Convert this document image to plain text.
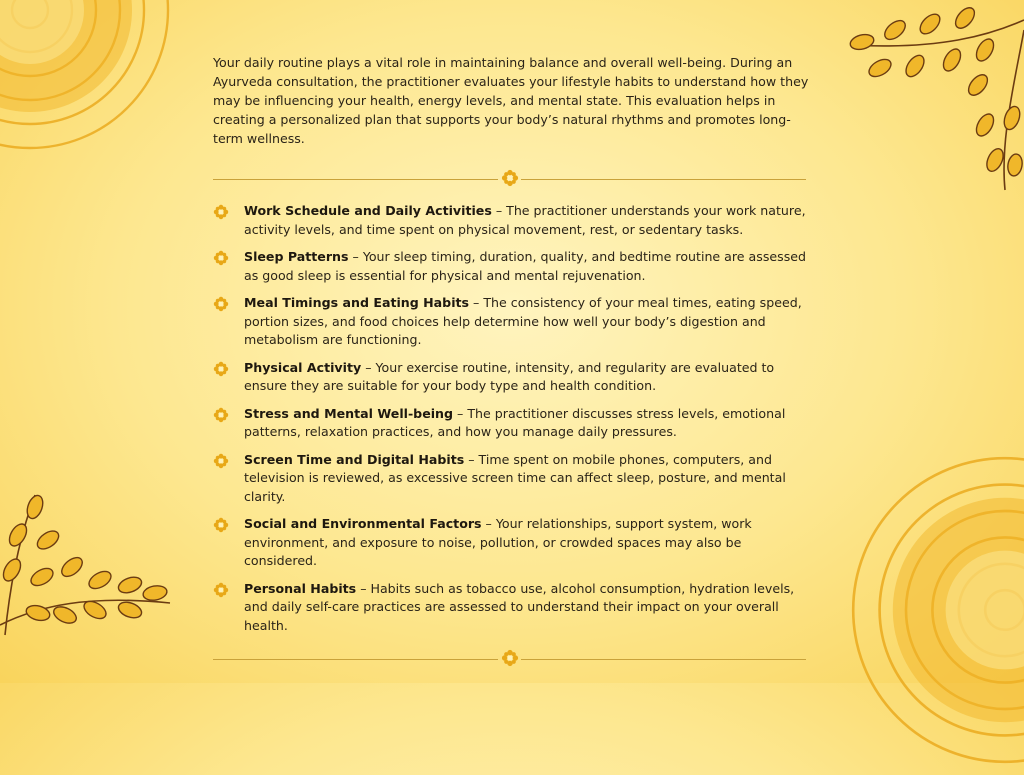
Your daily routine plays a vital role in maintaining balance and overall well-being. During an Ayurveda consultation, the practitioner evaluates your lifestyle habits to understand how they may be influencing your health, energy levels, and mental state. This evaluation helps in creating a personalized plan that supports your body’s natural rhythms and promotes long-term wellness.
Work Schedule and Daily Activities – The practitioner understands your work nature, activity levels, and time spent on physical movement, rest, or sedentary tasks.
Sleep Patterns – Your sleep timing, duration, quality, and bedtime routine are assessed as good sleep is essential for physical and mental rejuvenation.
Meal Timings and Eating Habits – The consistency of your meal times, eating speed, portion sizes, and food choices help determine how well your body’s digestion and metabolism are functioning.
Physical Activity – Your exercise routine, intensity, and regularity are evaluated to ensure they are suitable for your body type and health condition.
Stress and Mental Well-being – The practitioner discusses stress levels, emotional patterns, relaxation practices, and how you manage daily pressures.
Screen Time and Digital Habits – Time spent on mobile phones, computers, and television is reviewed, as excessive screen time can affect sleep, posture, and mental clarity.
Social and Environmental Factors – Your relationships, support system, work environment, and exposure to noise, pollution, or crowded spaces may also be considered.
Personal Habits – Habits such as tobacco use, alcohol consumption, hydration levels, and daily self-care practices are assessed to understand their impact on your overall health.
